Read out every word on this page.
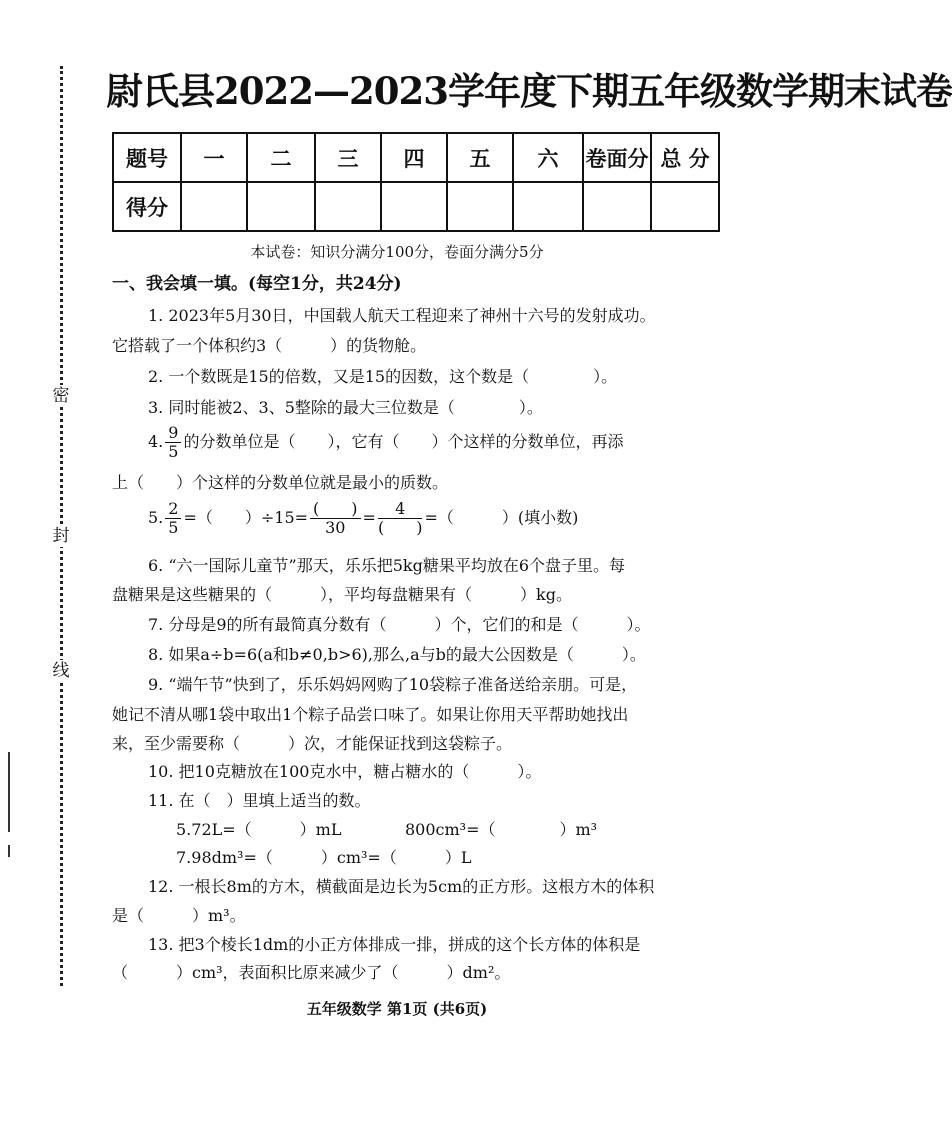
密
封
线
尉氏县2022—2023学年度下期五年级数学期末试卷
题号	一	二	三	四	五	六	卷面分	总 分
得分								
本试卷：知识分满分100分，卷面分满分5分
一、我会填一填。(每空1分，共24分)
1. 2023年5月30日，中国载人航天工程迎来了神州十六号的发射成功。
它搭载了一个体积约3（　　　）的货物舱。
2. 一个数既是15的倍数，又是15的因数，这个数是（　　　　）。
3. 同时能被2、3、5整除的最大三位数是（　　　　）。
4. $\frac{9}{5}$ 的分数单位是（　　），它有（　　）个这样的分数单位，再添
上（　　）个这样的分数单位就是最小的质数。
5. $\frac{2}{5}$ =（　　）$\div 15= \frac{( )}{30} = \frac{4}{( )}$ =（　　　）(填小数)
6. “六一国际儿童节”那天，乐乐把5kg糖果平均放在6个盘子里。每
盘糖果是这些糖果的（　　　），平均每盘糖果有（　　　）kg。
7. 分母是9的所有最简真分数有（　　　）个，它们的和是（　　　）。
8. 如果a÷b=6(a和b≠0,b>6),那么,a与b的最大公因数是（　　　）。
9. “端午节”快到了，乐乐妈妈网购了10袋粽子准备送给亲朋。可是，
她记不清从哪1袋中取出1个粽子品尝口味了。如果让你用天平帮助她找出
来，至少需要称（　　　）次，才能保证找到这袋粽子。
10. 把10克糖放在100克水中，糖占糖水的（　　　）。
11. 在（　）里填上适当的数。
5.72L=（　　　）mL	800cm³=（　　　　）m³
7.98dm³=（　　　）cm³=（　　　）L
12. 一根长8m的方木，横截面是边长为5cm的正方形。这根方木的体积
是（　　　）m³。
13. 把3个棱长1dm的小正方体排成一排，拼成的这个长方体的体积是
（　　　）cm³，表面积比原来减少了（　　　）dm²。
五年级数学 第1页 (共6页)
